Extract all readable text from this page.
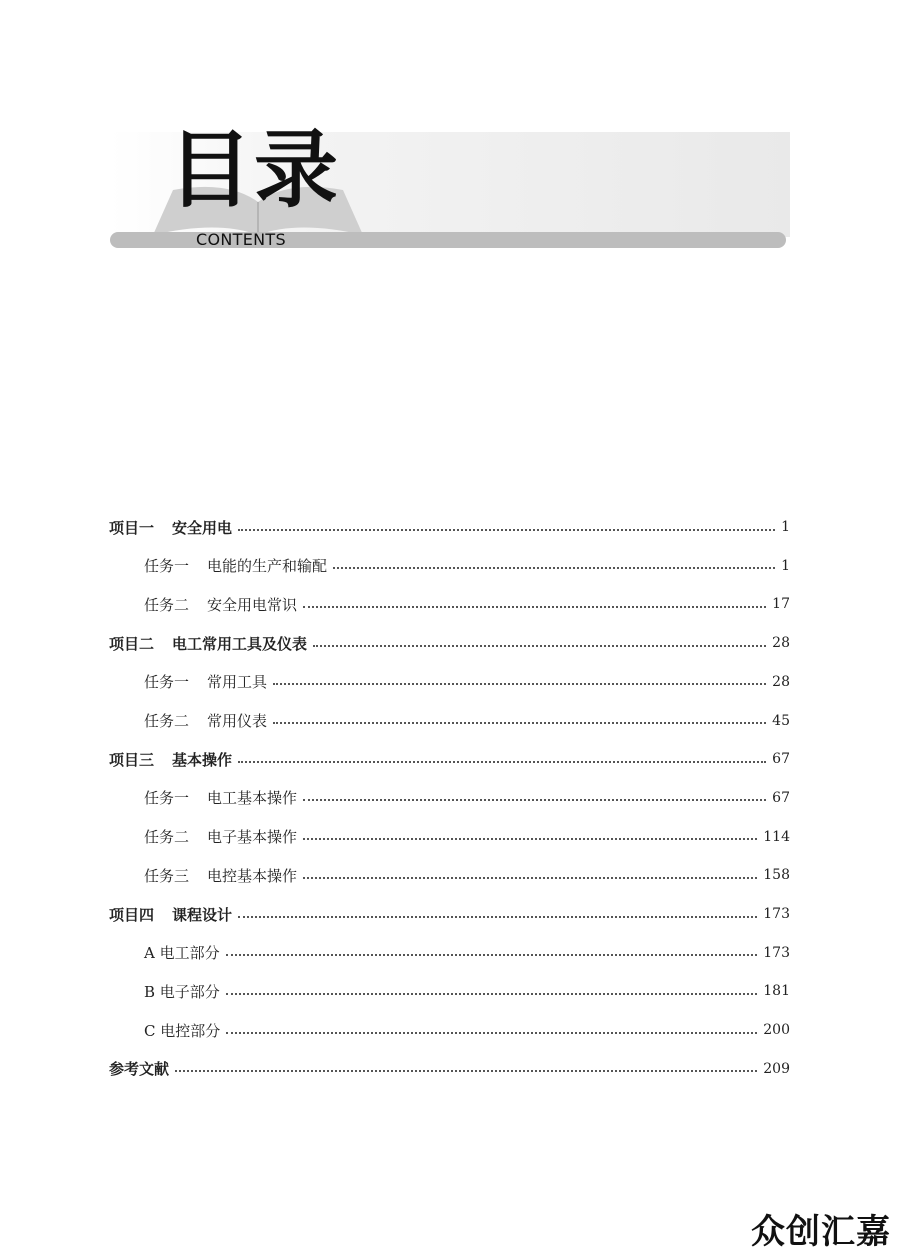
目录
CONTENTS
项目一 安全用电	1
任务一 电能的生产和输配	1
任务二 安全用电常识	17
项目二 电工常用工具及仪表	28
任务一 常用工具	28
任务二 常用仪表	45
项目三 基本操作	67
任务一 电工基本操作	67
任务二 电子基本操作	114
任务三 电控基本操作	158
项目四 课程设计	173
A 电工部分	173
B 电子部分	181
C 电控部分	200
参考文献	209
众创汇嘉
